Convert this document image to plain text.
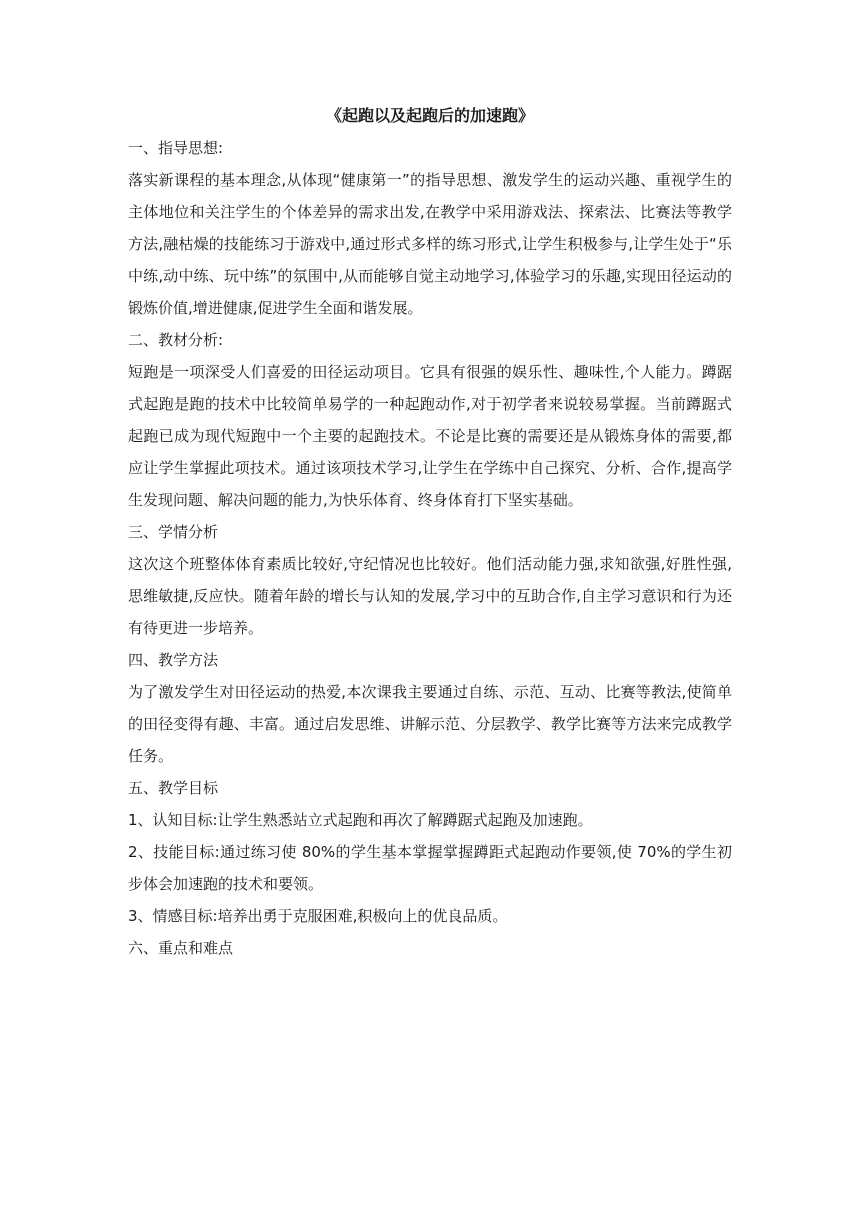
《起跑以及起跑后的加速跑》

一、指导思想:

落实新课程的基本理念,从体现“健康第一”的指导思想、激发学生的运动兴趣、重视学生的主体地位和关注学生的个体差异的需求出发,在教学中采用游戏法、探索法、比赛法等教学方法,融枯燥的技能练习于游戏中,通过形式多样的练习形式,让学生积极参与,让学生处于“乐中练,动中练、玩中练”的氛围中,从而能够自觉主动地学习,体验学习的乐趣,实现田径运动的锻炼价值,增进健康,促进学生全面和谐发展。

二、教材分析:

短跑是一项深受人们喜爱的田径运动项目。它具有很强的娱乐性、趣味性,个人能力。蹲踞式起跑是跑的技术中比较简单易学的一种起跑动作,对于初学者来说较易掌握。当前蹲踞式起跑已成为现代短跑中一个主要的起跑技术。不论是比赛的需要还是从锻炼身体的需要,都应让学生掌握此项技术。通过该项技术学习,让学生在学练中自己探究、分析、合作,提高学生发现问题、解决问题的能力,为快乐体育、终身体育打下坚实基础。

三、学情分析

这次这个班整体体育素质比较好,守纪情况也比较好。他们活动能力强,求知欲强,好胜性强,思维敏捷,反应快。随着年龄的增长与认知的发展,学习中的互助合作,自主学习意识和行为还有待更进一步培养。

四、教学方法

为了激发学生对田径运动的热爱,本次课我主要通过自练、示范、互动、比赛等教法,使简单的田径变得有趣、丰富。通过启发思维、讲解示范、分层教学、教学比赛等方法来完成教学任务。

五、教学目标

1、认知目标:让学生熟悉站立式起跑和再次了解蹲踞式起跑及加速跑。

2、技能目标:通过练习使 80%的学生基本掌握掌握蹲距式起跑动作要领,使 70%的学生初步体会加速跑的技术和要领。

3、情感目标:培养出勇于克服困难,积极向上的优良品质。

六、重点和难点
